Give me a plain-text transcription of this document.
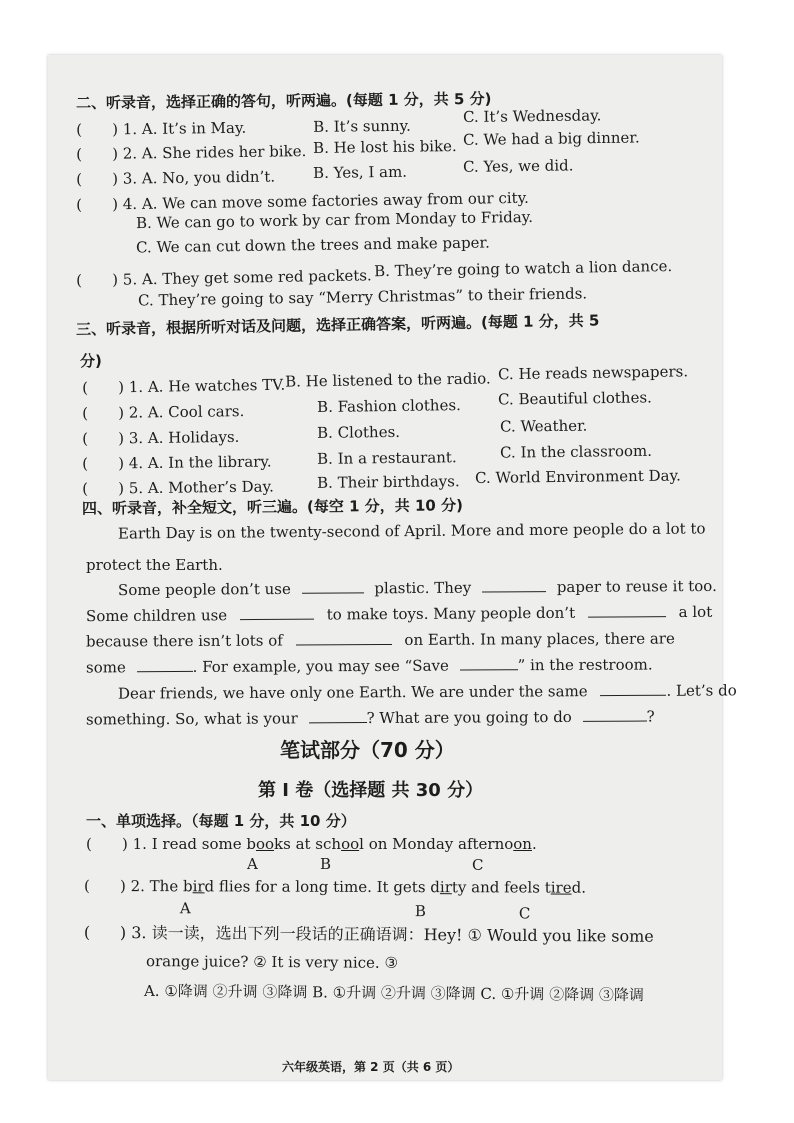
二、听录音，选择正确的答句，听两遍。(每题 1 分，共 5 分)
( ) 1. A. It’s in May.	B. It’s sunny.
C. It’s Wednesday.
( ) 2. A. She rides her bike. B. He lost his bike. C. We had a big dinner.
( ) 3. A. No, you didn’t.	B. Yes, I am.	C. Yes, we did.
( ) 4. A. We can move some factories away from our city.
B. We can go to work by car from Monday to Friday.
C. We can cut down the trees and make paper.
( ) 5. A. They get some red packets. B. They’re going to watch a lion dance.
C. They’re going to say “Merry Christmas” to their friends.
三、听录音，根据所听对话及问题，选择正确答案，听两遍。(每题 1 分，共 5
分)
( ) 1. A. He watches TV. B. He listened to the radio. C. He reads newspapers.
( ) 2. A. Cool cars.	B. Fashion clothes. C. Beautiful clothes.
( ) 3. A. Holidays.	B. Clothes.	C. Weather.
( ) 4. A. In the library.	B. In a restaurant.	C. In the classroom.
( ) 5. A. Mother’s Day.	B. Their birthdays. C. World Environment Day.
四、听录音，补全短文，听三遍。(每空 1 分，共 10 分)
Earth Day is on the twenty-second of April. More and more people do a lot to
protect the Earth.
Some people don’t use	plastic. They	paper to reuse it too.
Some children use	to make toys. Many people don’t	a lot
because there isn’t lots of	on Earth. In many places, there are
some	. For example, you may see “Save	” in the restroom.
Dear friends, we have only one Earth. We are under the same	. Let’s do
something. So, what is your	? What are you going to do	?
笔试部分（70 分）
第 I 卷（选择题 共 30 分）
一、单项选择。（每题 1 分，共 10 分）
( ) 1. I read some books at school on Monday afternoon.
A	B	C
( ) 2. The bird flies for a long time. It gets dirty and feels tired.
A	B	C
( ) 3. 读一读，选出下列一段话的正确语调：Hey! ① Would you like some
orange juice? ② It is very nice. ③
A. ①降调 ②升调 ③降调 B. ①升调 ②升调 ③降调 C. ①升调 ②降调 ③降调
六年级英语，第 2 页（共 6 页）
